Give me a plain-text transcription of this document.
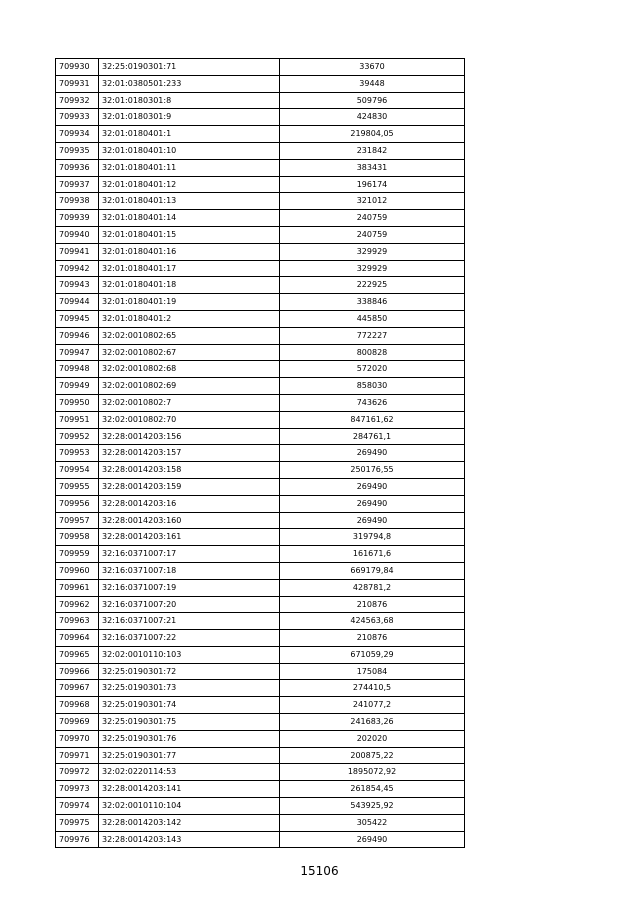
709930	32:25:0190301:71	33670
709931	32:01:0380501:233	39448
709932	32:01:0180301:8	509796
709933	32:01:0180301:9	424830
709934	32:01:0180401:1	219804,05
709935	32:01:0180401:10	231842
709936	32:01:0180401:11	383431
709937	32:01:0180401:12	196174
709938	32:01:0180401:13	321012
709939	32:01:0180401:14	240759
709940	32:01:0180401:15	240759
709941	32:01:0180401:16	329929
709942	32:01:0180401:17	329929
709943	32:01:0180401:18	222925
709944	32:01:0180401:19	338846
709945	32:01:0180401:2	445850
709946	32:02:0010802:65	772227
709947	32:02:0010802:67	800828
709948	32:02:0010802:68	572020
709949	32:02:0010802:69	858030
709950	32:02:0010802:7	743626
709951	32:02:0010802:70	847161,62
709952	32:28:0014203:156	284761,1
709953	32:28:0014203:157	269490
709954	32:28:0014203:158	250176,55
709955	32:28:0014203:159	269490
709956	32:28:0014203:16	269490
709957	32:28:0014203:160	269490
709958	32:28:0014203:161	319794,8
709959	32:16:0371007:17	161671,6
709960	32:16:0371007:18	669179,84
709961	32:16:0371007:19	428781,2
709962	32:16:0371007:20	210876
709963	32:16:0371007:21	424563,68
709964	32:16:0371007:22	210876
709965	32:02:0010110:103	671059,29
709966	32:25:0190301:72	175084
709967	32:25:0190301:73	274410,5
709968	32:25:0190301:74	241077,2
709969	32:25:0190301:75	241683,26
709970	32:25:0190301:76	202020
709971	32:25:0190301:77	200875,22
709972	32:02:0220114:53	1895072,92
709973	32:28:0014203:141	261854,45
709974	32:02:0010110:104	543925,92
709975	32:28:0014203:142	305422
709976	32:28:0014203:143	269490
15106
